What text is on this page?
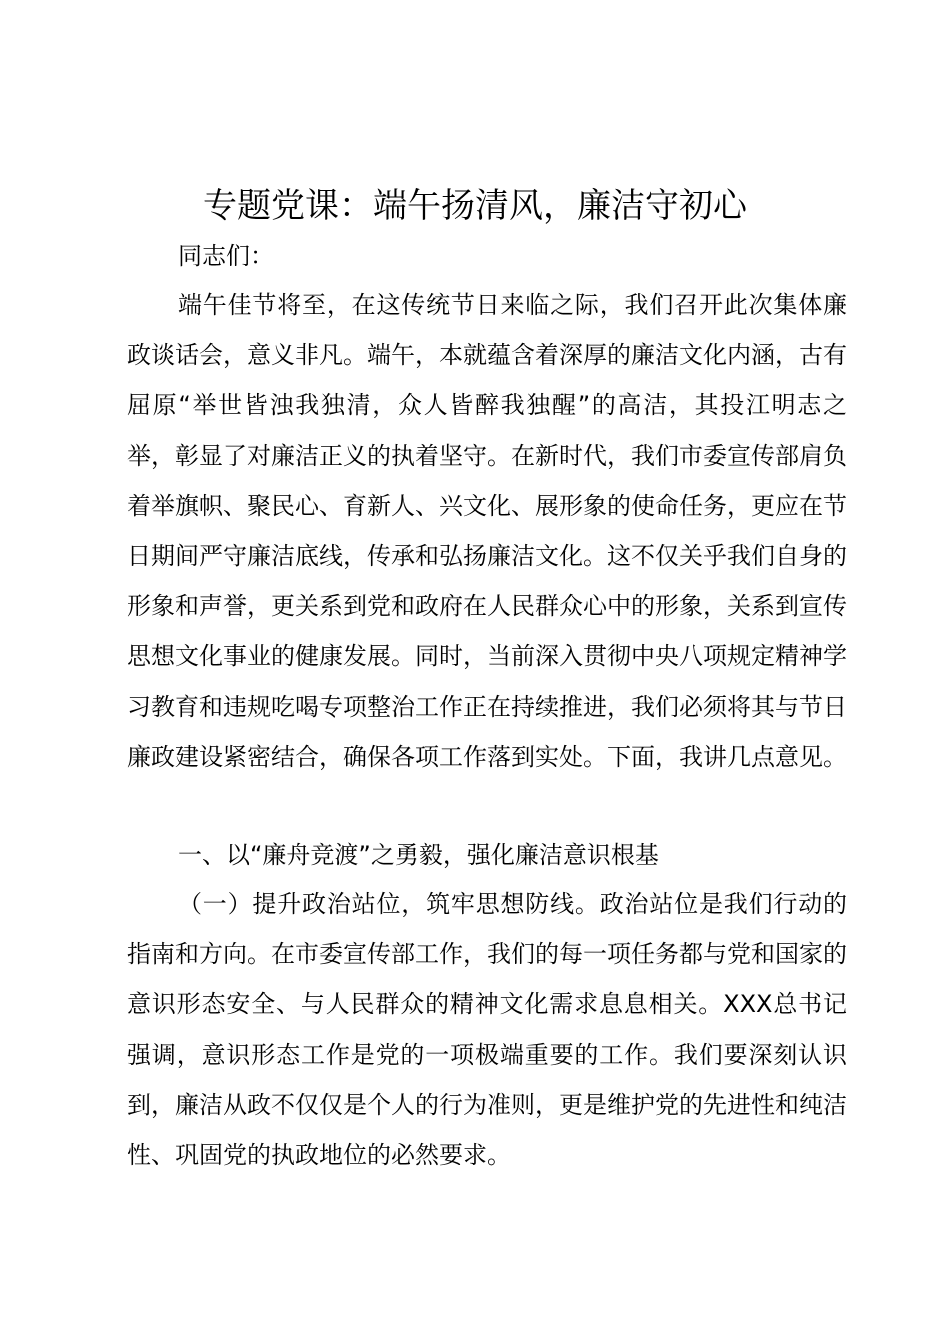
专题党课：端午扬清风，廉洁守初心
同志们：
端午佳节将至，在这传统节日来临之际，我们召开此次集体廉政谈话会，意义非凡。端午，本就蕴含着深厚的廉洁文化内涵，古有屈原“举世皆浊我独清，众人皆醉我独醒”的高洁，其投江明志之举，彰显了对廉洁正义的执着坚守。在新时代，我们市委宣传部肩负着举旗帜、聚民心、育新人、兴文化、展形象的使命任务，更应在节日期间严守廉洁底线，传承和弘扬廉洁文化。这不仅关乎我们自身的形象和声誉，更关系到党和政府在人民群众心中的形象，关系到宣传思想文化事业的健康发展。同时，当前深入贯彻中央八项规定精神学习教育和违规吃喝专项整治工作正在持续推进，我们必须将其与节日廉政建设紧密结合，确保各项工作落到实处。下面，我讲几点意见。
一、以“廉舟竞渡”之勇毅，强化廉洁意识根基
（一）提升政治站位，筑牢思想防线。政治站位是我们行动的指南和方向。在市委宣传部工作，我们的每一项任务都与党和国家的意识形态安全、与人民群众的精神文化需求息息相关。XXX总书记强调，意识形态工作是党的一项极端重要的工作。我们要深刻认识到，廉洁从政不仅仅是个人的行为准则，更是维护党的先进性和纯洁性、巩固党的执政地位的必然要求。
